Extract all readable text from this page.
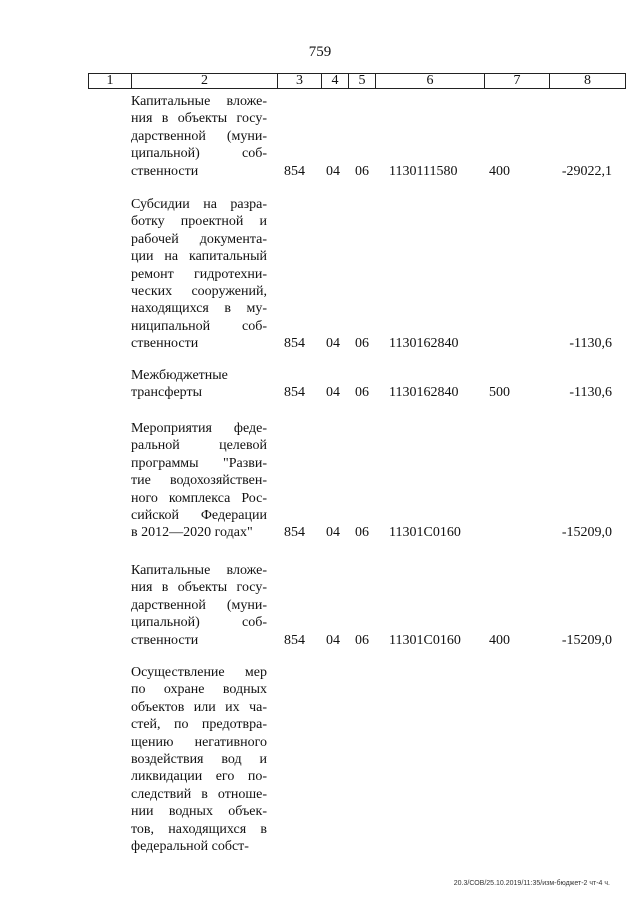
759
1	2	3	4	5	6	7	8
Капитальные вложе-
ния в объекты госу-
дарственной (муни-
ципальной) соб-
ственности	854 04 06 1130111580 400	-29022,1
Субсидии на разра-
ботку проектной и
рабочей документа-
ции на капитальный
ремонт гидротехни-
ческих сооружений,
находящихся в му-
ниципальной соб-
ственности	854 04 06 1130162840	-1130,6
Межбюджетные
трансферты	854 04 06 1130162840 500	-1130,6
Мероприятия феде-
ральной целевой
программы "Разви-
тие водохозяйствен-
ного комплекса Рос-
сийской Федерации
в 2012—2020 годах"	854 04 06 11301С0160	-15209,0
Капитальные вложе-
ния в объекты госу-
дарственной (муни-
ципальной) соб-
ственности	854 04 06 11301С0160 400	-15209,0
Осуществление мер
по охране водных
объектов или их ча-
стей, по предотвра-
щению негативного
воздействия вод и
ликвидации его по-
следствий в отноше-
нии водных объек-
тов, находящихся в
федеральной собст-
20.3/СОВ/25.10.2019/11:35/изм-бюджет-2 чт-4 ч.
